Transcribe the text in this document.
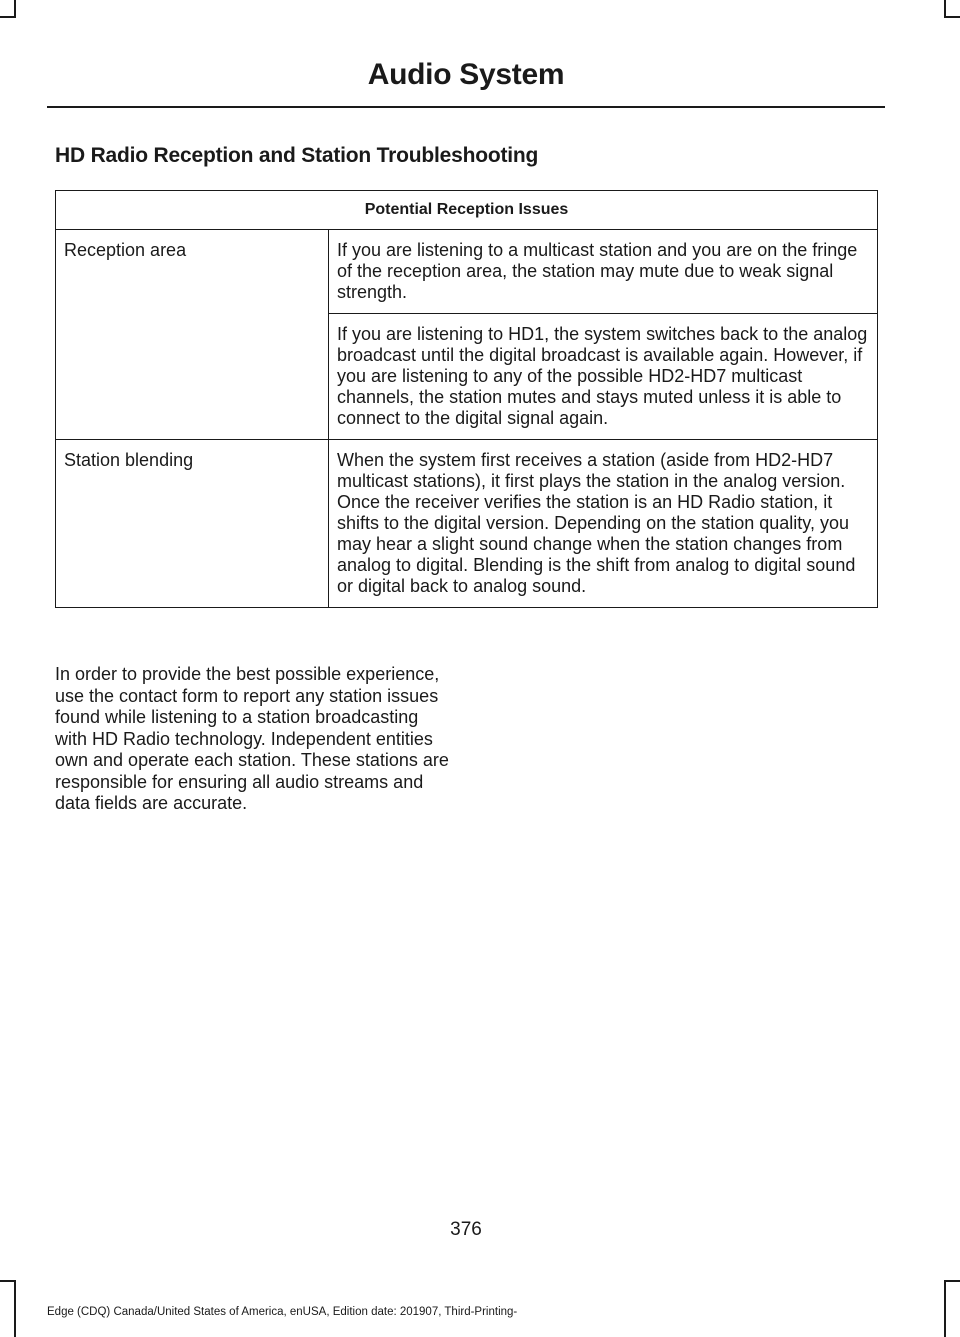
Audio System
HD Radio Reception and Station Troubleshooting
Potential Reception Issues	
Reception area	If you are listening to a multicast station and you are on the fringe of the reception area, the station may mute due to weak signal strength.
	If you are listening to HD1, the system switches back to the analog broadcast until the digital broadcast is available again. However, if you are listening to any of the possible HD2-HD7 multicast channels, the station mutes and stays muted unless it is able to connect to the digital signal again.
Station blending	When the system first receives a station (aside from HD2-HD7 multicast stations), it first plays the station in the analog version. Once the receiver verifies the station is an HD Radio station, it shifts to the digital version. Depending on the station quality, you may hear a slight sound change when the station changes from analog to digital. Blending is the shift from analog to digital sound or digital back to analog sound.
In order to provide the best possible experience, use the contact form to report any station issues found while listening to a station broadcasting with HD Radio technology. Independent entities own and operate each station. These stations are responsible for ensuring all audio streams and data fields are accurate.
376
Edge (CDQ) Canada/United States of America, enUSA, Edition date: 201907, Third-Printing-
